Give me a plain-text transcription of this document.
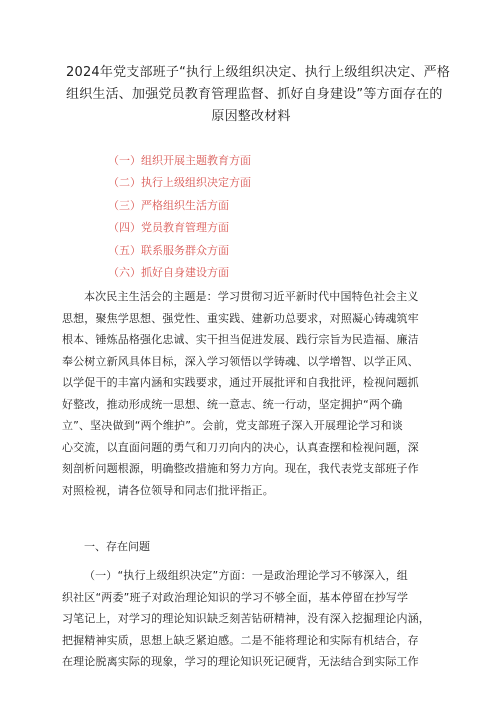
2024年党支部班子“执行上级组织决定、执行上级组织决定、严格
组织生活、加强党员教育管理监督、抓好自身建设”等方面存在的
原因整改材料
（一）组织开展主题教育方面
（二）执行上级组织决定方面
（三）严格组织生活方面
（四）党员教育管理方面
（五）联系服务群众方面
（六）抓好自身建设方面
本次民主生活会的主题是：学习贯彻习近平新时代中国特色社会主义
思想，聚焦学思想、强党性、重实践、建新功总要求，对照凝心铸魂筑牢
根本、锤炼品格强化忠诚、实干担当促进发展、践行宗旨为民造福、廉洁
奉公树立新风具体目标，深入学习领悟以学铸魂、以学增智、以学正风、
以学促干的丰富内涵和实践要求，通过开展批评和自我批评，检视问题抓
好整改，推动形成统一思想、统一意志、统一行动，坚定拥护“两个确
立”、坚决做到“两个维护”。会前，党支部班子深入开展理论学习和谈
心交流，以直面问题的勇气和刀刃向内的决心，认真查摆和检视问题，深
刻剖析问题根源，明确整改措施和努力方向。现在，我代表党支部班子作
对照检视，请各位领导和同志们批评指正。
一、存在问题
（一）“执行上级组织决定”方面：一是政治理论学习不够深入，组
织社区“两委”班子对政治理论知识的学习不够全面，基本停留在抄写学
习笔记上，对学习的理论知识缺乏刻苦钻研精神，没有深入挖掘理论内涵，
把握精神实质，思想上缺乏紧迫感。二是不能将理论和实际有机结合，存
在理论脱离实际的现象，学习的理论知识死记硬背，无法结合到实际工作
